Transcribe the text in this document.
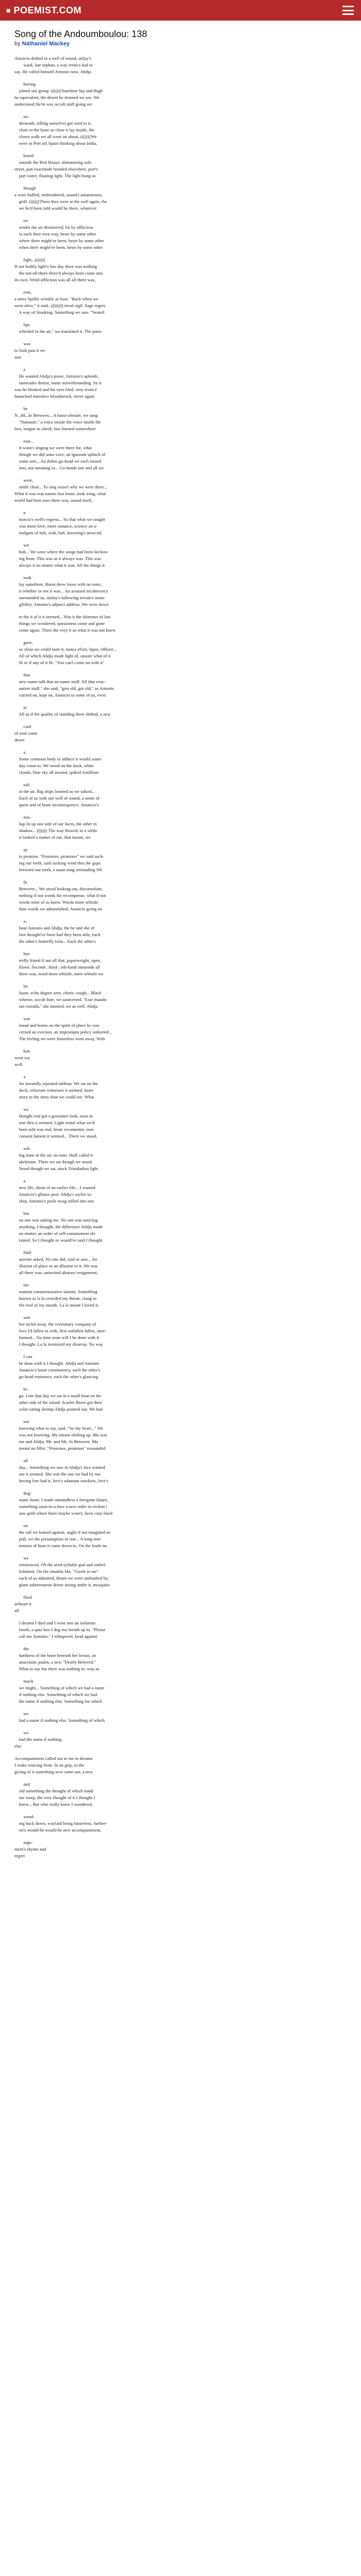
■ POEMIST.COM
Song of the Andoumboulou: 138
by Nathaniel Mackey
Anuncio drifted in a well of sound, utilay's
ward, late orphan, a way erotics had to
say. He called himself Antonio now, Ahdja
having
joined our group. (((((((Sunshine hip and thigh
he equivalent, the desert he insisted we see. We
understood the'm was occult staff going on:
un-
derneath, telling ourselves got used to it,
close to the bone so close it lay inside, the
clown walk we all went on about. (((((((We
were in Port of) Spain thinking about India,
bored
outside the Red House, shimmering sole
street, pan exactitude braided elsewhere, port's
part water, floating light. The light hung as
though
a were buffed, embroidered, sound's amanuensis,
griff. (((((((There they were at the well again, the
we he'd been told would be there, whatever
en-
sembe the air disinterred, hit by affliction
in each their own way, beset by some other
where there might've been, beset by some other
when there might've been, beset by some other
light...(((((((
If not bodily light's law day there was nothing
the not-all-there there'd always been come into
its own. Wind affliction was all all there was,
rent,
a mere Spillie wrinkle at least. "Back when we
were alive," it said...(((((((Literal sigil. Sage regret.
A way of Stooking. Something we saw. "Seated
lips
wheeled in the air," we translated it. The paint
was
to look past it we
saw
a
He wanted Ahdja's posse, Antonio's aplomb,
namesake demur, name notwithstanding. So it
was he blinked and his eyes bled, very erotics'
haunched interstice bloodstruck, never again
be
N...M...In Between... A bassi-chorale, we sang
"Namaste," a voice inside the voice inside the
box, tongue in cheek, box burned somewhere
east...
It wasn't singing we were there for, what
though we did sotto voce, an ignorant splinch of
some sort... An ibibio go-head we each turned
into, not meaning to... Go-heads one and all we
were,
smile choir... To sing wasn't why we were there...
What it was was names lost loose, took wing, what
world had bent ours there was, sound itself,
n
noncio's well's regress... So that what we sought
was more love, more sonance, science an a-
malgam of hub, wuh, hub, knowing's news'ad,
wit
huh... We were where the songs had been beckon-
ing from. This was as it always was. This was
always it no matter what it was. All the things it
took
lay sumehom. Roots drew loose with no tonic,
it whether or not it was... An aroused incoherency
surrounded us, unilay's fallowing terrain's intan-
gibility, Antonio's adjunct address. We were down
to the it of it it seemed... Was it the shimmer of last
things we wondered, queasiness come and gone
come again. There the very it so what it was not knew
gave,
so close we could taste it, nonce elixir, lapse, effluve...
All of which Ahdja made light of, unsure what of it
fit or if any of it fit. "You can't come on with it"
that
new-name talk that no-name stuff. All that evac-
uation stuff," she said, "gets old, got old," as Antonio
carried on, kept on, Anuncio to some of us, even
to
All as if the quality of standing there shifted, a new
card
of soul come
down
a
Some common body to adduce it would some-
day come to. We stood on the dock, white
clouds, blue sky all around, spiked Antillean
salt
in the air. Big ships loomed as we talked...
Each of us with our well of sound, a sense of
quest and of brute inconsequence. Anuncio's
mis-
hap lit up one side of our faces, the other in
shadow... ((((((( The way flowed, in a while
it looked a matter of rue, that meant, we
sp
to promise. "Promises, promises" we said suck-
ing our teeth, said sucking wind thru the gaps
between our teeth, a taunt song serenading N8
In
Between... We stood looking out, disconsolate,
nothing if not words for recompense, what if not
words none of us knew. Words more whistle
than words we admonished, Anuncio going on
a-
bout Antonio and Ahdja, the be and she of
lore thought've been had they been able, each
the other's butterfly twin... Each the other's
but-
terfly friend if not all that, paperweight, open,
flown. Second-, third-, nth-hand innuendo all
there was, word more whistle, mere whistle we
let
loose, echo degree zero, choric cough... Black
wheeze, occult burr, we sourceried. "Este mundo
tan extraño," she intoned, we as well. Ahdja
was
mead and bones on the spirit of place he con-
cerned an eviction, an impromptu policy unburied...
The feeling we were futureless went away, Wuh
hub
went wu
well
x
An inwardly repeated tableau. We sat on the
dock, reluctant witnesses it seemed, more
story to the story than we could see. What
we
thought real got a gossamer look, soon to
tear thru it seemed. Light rental what we'd
been told was real, brute reconnoiter, non-
consent lament it seemed... There we stood,
sob-
big bone in the air, no tone. Huff called it
skeletone. There we sat though we stood.
Stood though we sat, stuck Trinidadian light
a
new life, shout of an earlier life... I wanted
Anuncio's glimso post, Ahdja's stylist sa-
shay, Antonio's prole swag rolled into one
but
no one was asking me. No one was noticing
anything, I thought, the difference Ahdja made
no matter, an order of self-containment ob-
tained. So I thought or would've said I thought.
Half
anyone asked. No one did, said or saw... An
illusion of place or an allusion to it. We was
all there was, uninvited abstract resignment,
im-
manent commemorative lament. Something
known as la la crowded my throat, clung to
the roof of my mouth. La la meant I loved it,
sort
but tuckd away, the versionary company of
love I'd fallen in with, first sotfallen fallen, unre-
formed... No time soon will I be done with it
I thought. La la mentored my disarray. No way
I can
be done with it I thought. Ahdja and Antonio
Anuncio's boon constituency, each the other's
go-head eminence, each the other's glancing
lo-
go. Lote that day we sat in a small boat on the
other side of the island. Scarlet Ibises got their
color eating shrimp Ahdja pointed out. We had
not
knowing what to say, said, "So my heart..." We
was not knowing. My meant shifting up. Mu was
me and Ahdja, Mr. and Ms. In Between. Mu
meant no filler. "Promises, promises" resounded
all
day... Something we saw in Ahdja's face wanted
out it seemed. She was the one we had by not
having lore had it, love's adamant outskirts, love's
dog-
matic heart. I made unmindless a foregone future,
something soon-in-a-face a new order to reckon t
saw gold where there maybe wasn't, been cans lined
on
the rail we leaned against, aught if not imagined in-
pull, we the presumption of one... A long non-
tension of hum-it came down-to. On the lauds no
we
reminisced. Oh the seed-syllable god and embel-
lishment. On the intuitist Ma. "Greek to me"
each of us admitted, thrum we were ambushed by,
glum subterranean drone strung under it, mosquito
fluid
at/heart it
all
I dreamt I died and I went into an isolation
booth, a quiz box I dug my breath up in. "Please
call me Antonio," I whispered, head against
the
hardness of the bone beneath her breast, an
anacrustic psalm, a new "Dearly Beloved."
What to say but there was nothing to, way as
much
we might... Something of which we had a name
if nothing else. Something of which we had
the name if nothing else. Something for which
we
had a name if nothing else. Something of which
we
had the name if nothing
else
Accompaniment called out to me in dreams
I woke wincing from. In its grip, in the
giving of it something new came out, a new
and
old something the thought of which made
me weep, the very thought of it I thought I
knew... But who really knew I wondered,
wend-
ing back down, waylaid being futureless, further-
on's would-be would-be new accompaniment,
argu-
ment's rhyme and
regret
